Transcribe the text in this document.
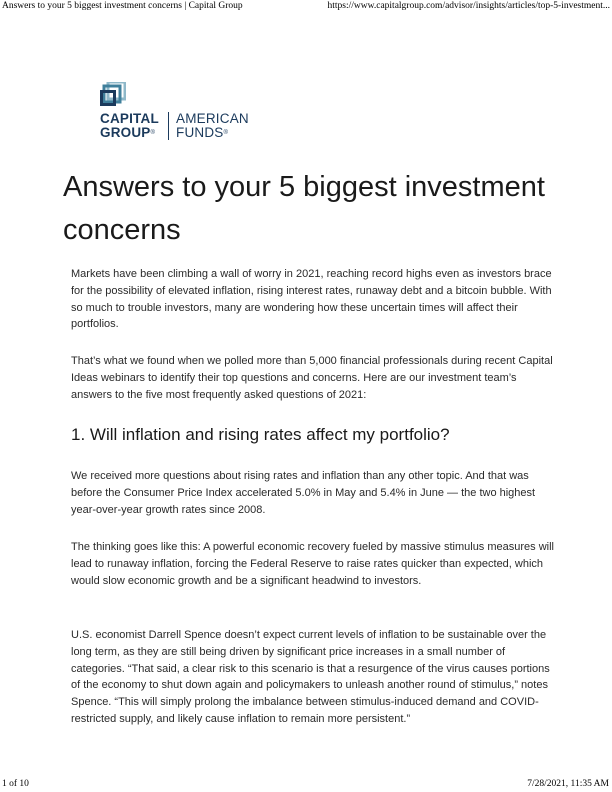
Answers to your 5 biggest investment concerns | Capital Group	https://www.capitalgroup.com/advisor/insights/articles/top-5-investment...
CAPITAL
GROUP®
AMERICAN
FUNDS®
Answers to your 5 biggest investment concerns

Markets have been climbing a wall of worry in 2021, reaching record highs even as investors brace for the possibility of elevated inflation, rising interest rates, runaway debt and a bitcoin bubble. With so much to trouble investors, many are wondering how these uncertain times will affect their portfolios.

That’s what we found when we polled more than 5,000 financial professionals during recent Capital Ideas webinars to identify their top questions and concerns. Here are our investment team’s answers to the five most frequently asked questions of 2021:

1. Will inflation and rising rates affect my portfolio?

We received more questions about rising rates and inflation than any other topic. And that was before the Consumer Price Index accelerated 5.0% in May and 5.4% in June — the two highest year-over-year growth rates since 2008.

The thinking goes like this: A powerful economic recovery fueled by massive stimulus measures will lead to runaway inflation, forcing the Federal Reserve to raise rates quicker than expected, which would slow economic growth and be a significant headwind to investors.

U.S. economist Darrell Spence doesn’t expect current levels of inflation to be sustainable over the long term, as they are still being driven by significant price increases in a small number of categories. “That said, a clear risk to this scenario is that a resurgence of the virus causes portions of the economy to shut down again and policymakers to unleash another round of stimulus,” notes Spence. “This will simply prolong the imbalance between stimulus-induced demand and COVID-restricted supply, and likely cause inflation to remain more persistent.”

1 of 10	7/28/2021, 11:35 AM
